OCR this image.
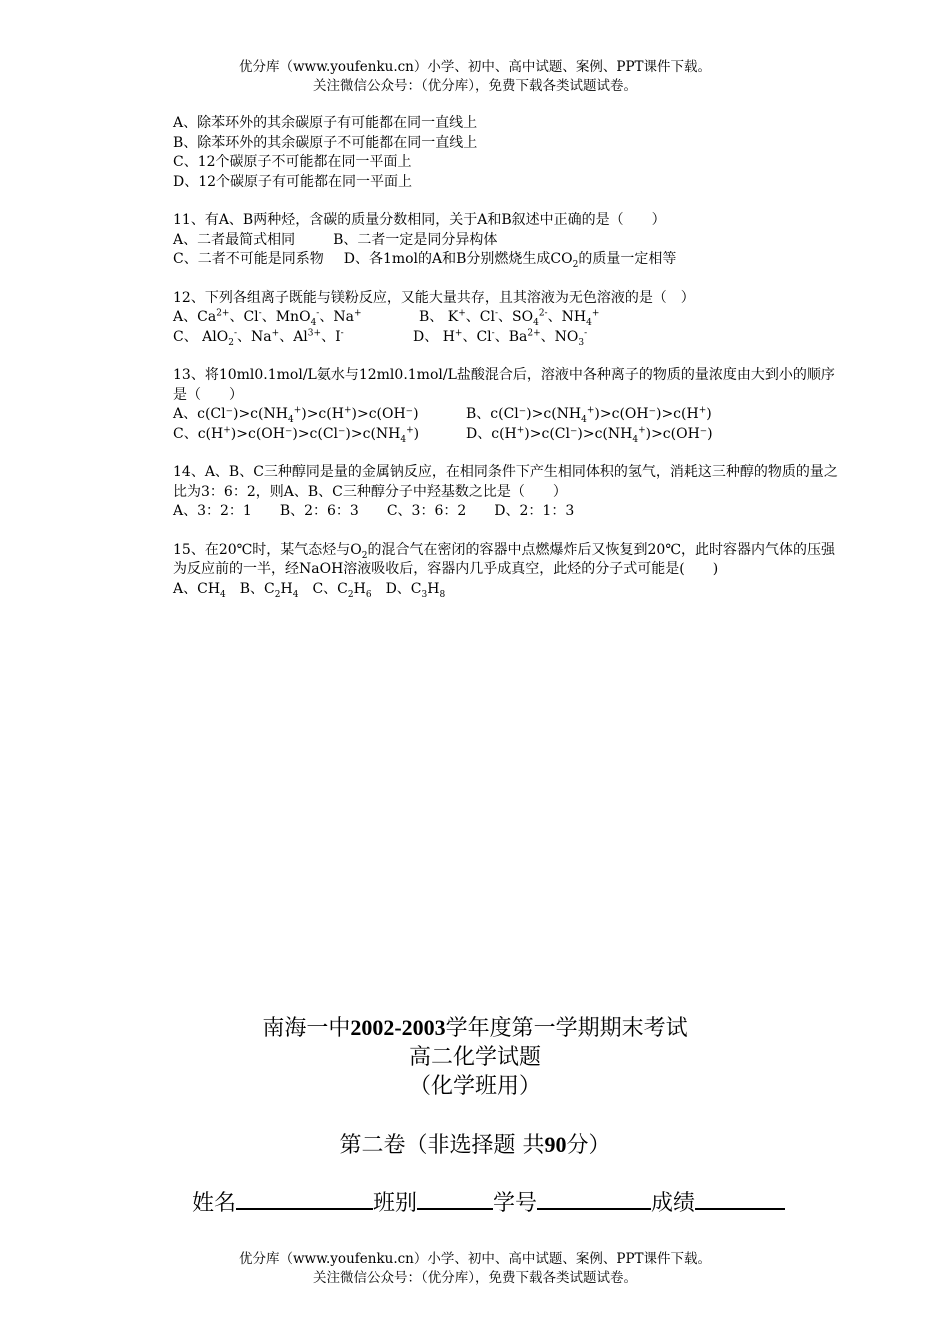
优分库（www.youfenku.cn）小学、初中、高中试题、案例、PPT课件下载。
关注微信公众号：（优分库），免费下载各类试题试卷。
A、除苯环外的其余碳原子有可能都在同一直线上
B、除苯环外的其余碳原子不可能都在同一直线上
C、12个碳原子不可能都在同一平面上
D、12个碳原子有可能都在同一平面上
11、有A、B两种烃，含碳的质量分数相同，关于A和B叙述中正确的是（　　）
A、二者最简式相同	B、二者一定是同分异构体
C、二者不可能是同系物 D、各1mol的A和B分别燃烧生成$CO_2$的质量一定相等
12、下列各组离子既能与镁粉反应，又能大量共存，且其溶液为无色溶液的是（　）
A、$Ca^{2+}$、Cl-、MnO$_4$-、Na+	B、 K+、Cl-、$SO_4^{2-}$、$NH_4^+$
C、 AlO$_2$-、Na+、$Al^{3+}$、I-	D、 H+、Cl-、$Ba^{2+}$、$NO_3^-$
13、将10ml0.1mol/L氨水与12ml0.1mol/L盐酸混合后，溶液中各种离子的物质的量浓度由大到小的顺序是（　　）
A、$c(Cl^-)>c(NH_4^+)>c(H^+)>c(OH^-)$	B、$c(Cl^-)>c(NH_4^+)>c(OH^-)>c(H^+)$
C、$c(H^+)>c(OH^-)>c(Cl^-)>c(NH_4^+)$	D、$c(H^+)>c(Cl^-)>c(NH_4^+)>c(OH^-)$
14、A、B、C三种醇同是量的金属钠反应，在相同条件下产生相同体积的氢气，消耗这三种醇的物质的量之比为3：6：2，则A、B、C三种醇分子中羟基数之比是（　　）
A、3：2：1　　B、2：6：3　　C、3：6：2　　D、2：1：3
15、在20℃时，某气态烃与$O_2$的混合气在密闭的容器中点燃爆炸后又恢复到20℃，此时容器内气体的压强为反应前的一半，经NaOH溶液吸收后，容器内几乎成真空，此烃的分子式可能是(　　)
A、$CH_4$　 B、$C_2H_4$　 C、$C_2H_6$　 D、$C_3H_8$
南海一中2002-2003学年度第一学期期末考试
高二化学试题
（化学班用）
第二卷（非选择题 共90分）
姓名	班别	学号	成绩
优分库（www.youfenku.cn）小学、初中、高中试题、案例、PPT课件下载。
关注微信公众号：（优分库），免费下载各类试题试卷。
